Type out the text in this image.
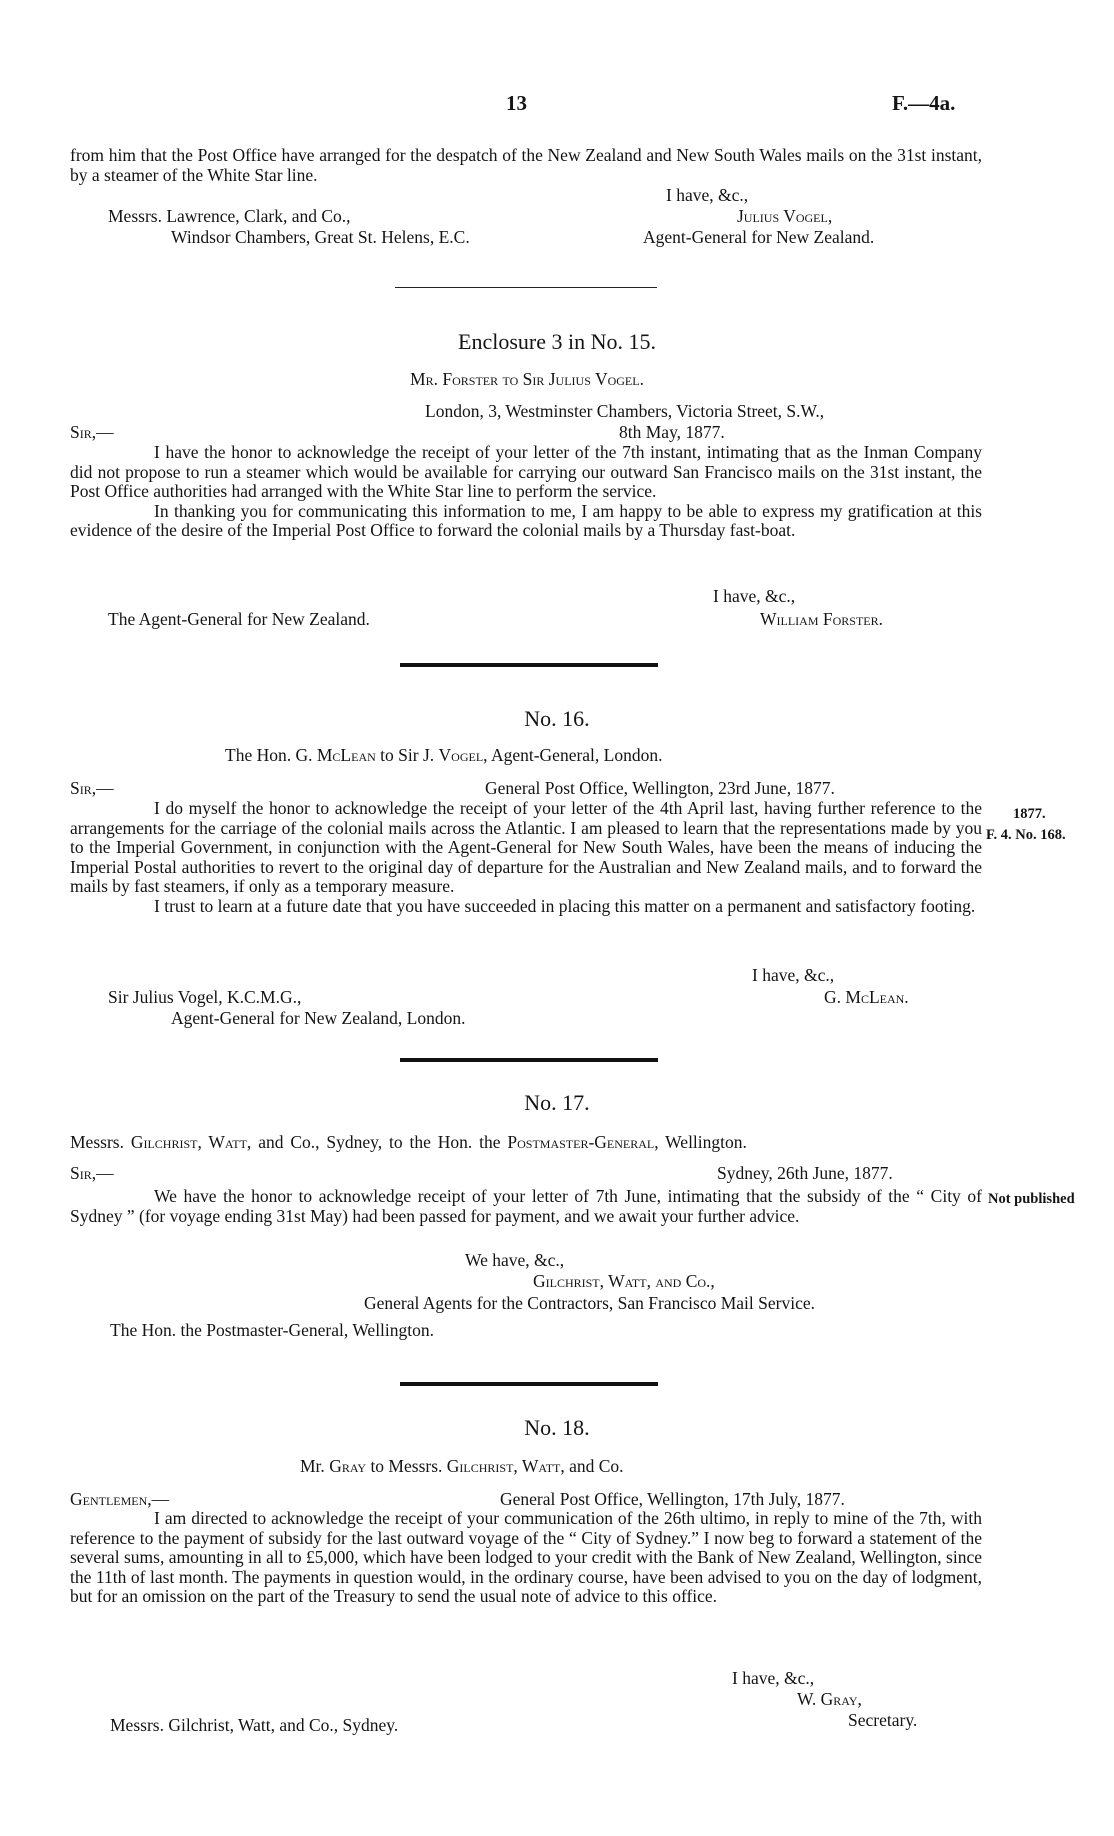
13	F.—4a.

from him that the Post Office have arranged for the despatch of the New Zealand and New South Wales mails on the 31st instant, by a steamer of the White Star line.

I have, &c.,
Messrs. Lawrence, Clark, and Co.,	Julius Vogel,
Windsor Chambers, Great St. Helens, E.C.	Agent-General for New Zealand.
Enclosure 3 in No. 15.
Mr. Forster to Sir Julius Vogel.
London, 3, Westminster Chambers, Victoria Street, S.W.,
Sir,—	8th May, 1877.

I have the honor to acknowledge the receipt of your letter of the 7th instant, intimating that as the Inman Company did not propose to run a steamer which would be available for carrying our outward San Francisco mails on the 31st instant, the Post Office authorities had arranged with the White Star line to perform the service.

In thanking you for communicating this information to me, I am happy to be able to express my gratification at this evidence of the desire of the Imperial Post Office to forward the colonial mails by a Thursday fast-boat.

I have, &c.,
The Agent-General for New Zealand.	William Forster.
No. 16.
The Hon. G. McLean to Sir J. Vogel, Agent-General, London.
Sir,—	General Post Office, Wellington, 23rd June, 1877.

I do myself the honor to acknowledge the receipt of your letter of the 4th April last, having further reference to the arrangements for the carriage of the colonial mails across the Atlantic. I am pleased to learn that the representations made by you to the Imperial Government, in conjunction with the Agent-General for New South Wales, have been the means of inducing the Imperial Postal authorities to revert to the original day of departure for the Australian and New Zealand mails, and to forward the mails by fast steamers, if only as a temporary measure.

I trust to learn at a future date that you have succeeded in placing this matter on a permanent and satisfactory footing.

1877.
F. 4. No. 168.
I have, &c.,
Sir Julius Vogel, K.C.M.G.,	G. McLean.
Agent-General for New Zealand, London.
No. 17.
Messrs. Gilchrist, Watt, and Co., Sydney, to the Hon. the Postmaster-General, Wellington.
Sir,—	Sydney, 26th June, 1877.

We have the honor to acknowledge receipt of your letter of 7th June, intimating that the subsidy of the “ City of Sydney ” (for voyage ending 31st May) had been passed for payment, and we await your further advice.

Not published
We have, &c.,
Gilchrist, Watt, and Co.,
General Agents for the Contractors, San Francisco Mail Service.
The Hon. the Postmaster-General, Wellington.
No. 18.
Mr. Gray to Messrs. Gilchrist, Watt, and Co.
Gentlemen,—	General Post Office, Wellington, 17th July, 1877.

I am directed to acknowledge the receipt of your communication of the 26th ultimo, in reply to mine of the 7th, with reference to the payment of subsidy for the last outward voyage of the “ City of Sydney.” I now beg to forward a statement of the several sums, amounting in all to £5,000, which have been lodged to your credit with the Bank of New Zealand, Wellington, since the 11th of last month. The payments in question would, in the ordinary course, have been advised to you on the day of lodgment, but for an omission on the part of the Treasury to send the usual note of advice to this office.

I have, &c.,
W. Gray,
Secretary.
Messrs. Gilchrist, Watt, and Co., Sydney.
